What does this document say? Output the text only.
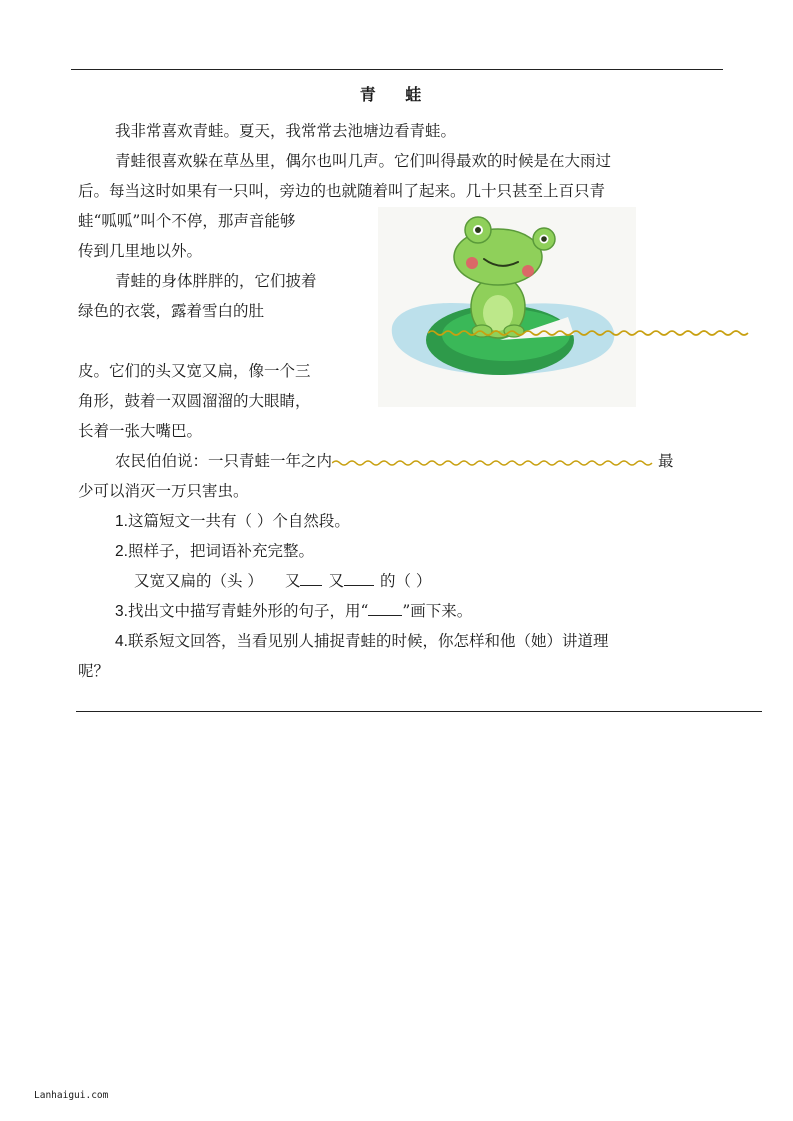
青 蛙
我非常喜欢青蛙。夏天，我常常去池塘边看青蛙。
青蛙很喜欢躲在草丛里，偶尔也叫几声。它们叫得最欢的时候是在大雨过
后。每当这时如果有一只叫，旁边的也就随着叫了起来。几十只甚至上百只青
蛙“呱呱”叫个不停，那声音能够
传到几里地以外。
青蛙的身体胖胖的，它们披着
绿色的衣裳，露着雪白的肚
皮。它们的头又宽又扁，像一个三
角形，鼓着一双圆溜溜的大眼睛，
长着一张大嘴巴。
农民伯伯说：一只青蛙一年之内	最
少可以消灭一万只害虫。
1.这篇短文一共有（ ）个自然段。
2.照样子，把词语补充完整。
又宽又扁的（头 ） 又 又 的（ ）
3.找出文中描写青蛙外形的句子，用“ ”画下来。
4.联系短文回答，当看见别人捕捉青蛙的时候，你怎样和他（她）讲道理
呢？
Lanhaigui.com
